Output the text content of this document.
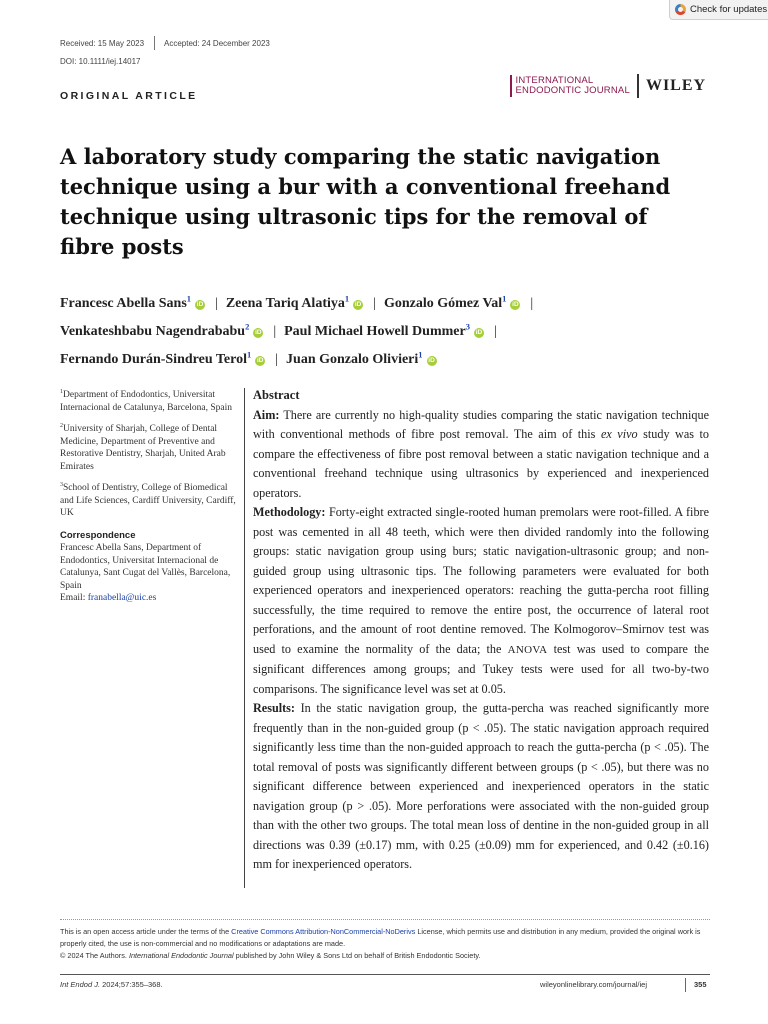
Check for updates
Received: 15 May 2023 Accepted: 24 December 2023
DOI: 10.1111/iej.14017
ORIGINAL ARTICLE
INTERNATIONAL
ENDODONTIC JOURNAL WILEY
A laboratory study comparing the static navigation technique using a bur with a conventional freehand technique using ultrasonic tips for the removal of fibre posts
Francesc Abella Sans$^1$iD | Zeena Tariq Alatiya$^1$iD | Gonzalo Gómez Val$^1$iD |
Venkateshbabu Nagendrababu$^2$iD | Paul Michael Howell Dummer$^3$iD |
Fernando Durán-Sindreu Terol$^1$iD | Juan Gonzalo Olivieri$^1$iD

$^1$Department of Endodontics, Universitat Internacional de Catalunya, Barcelona, Spain

$^2$University of Sharjah, College of Dental Medicine, Department of Preventive and Restorative Dentistry, Sharjah, United Arab Emirates

$^3$School of Dentistry, College of Biomedical and Life Sciences, Cardiff University, Cardiff, UK

Correspondence
Francesc Abella Sans, Department of Endodontics, Universitat Internacional de Catalunya, Sant Cugat del Vallès, Barcelona, Spain
Email: franabella@uic.es
Abstract

Aim: There are currently no high-quality studies comparing the static navigation technique with conventional methods of fibre post removal. The aim of this ex vivo study was to compare the effectiveness of fibre post removal between a static navigation technique and a conventional freehand technique using ultrasonics by experienced and inexperienced operators.

Methodology: Forty-eight extracted single-rooted human premolars were root-filled. A fibre post was cemented in all 48 teeth, which were then divided randomly into the following groups: static navigation group using burs; static navigation-ultrasonic group; and non-guided group using ultrasonic tips. The following parameters were evaluated for both experienced operators and inexperienced operators: reaching the gutta-percha root filling successfully, the time required to remove the entire post, the occurrence of lateral root perforations, and the amount of root dentine removed. The Kolmogorov–Smirnov test was used to examine the normality of the data; the ANOVA test was used to compare the significant differences among groups; and Tukey tests were used for all two-by-two comparisons. The significance level was set at 0.05.

Results: In the static navigation group, the gutta-percha was reached significantly more frequently than in the non-guided group (p < .05). The static navigation approach required significantly less time than the non-guided approach to reach the gutta-percha (p < .05). The total removal of posts was significantly different between groups (p < .05), but there was no significant difference between experienced and inexperienced operators in the static navigation group (p > .05). More perforations were associated with the non-guided group than with the other two groups. The total mean loss of dentine in the non-guided group in all directions was 0.39 (±0.17) mm, with 0.25 (±0.09) mm for experienced, and 0.42 (±0.16) mm for inexperienced operators.

This is an open access article under the terms of the Creative Commons Attribution-NonCommercial-NoDerivs License, which permits use and distribution in any medium, provided the original work is properly cited, the use is non-commercial and no modifications or adaptations are made.

© 2024 The Authors. International Endodontic Journal published by John Wiley & Sons Ltd on behalf of British Endodontic Society.

Int Endod J. 2024;57:355–368.	wileyonlinelibrary.com/journal/iej	355
